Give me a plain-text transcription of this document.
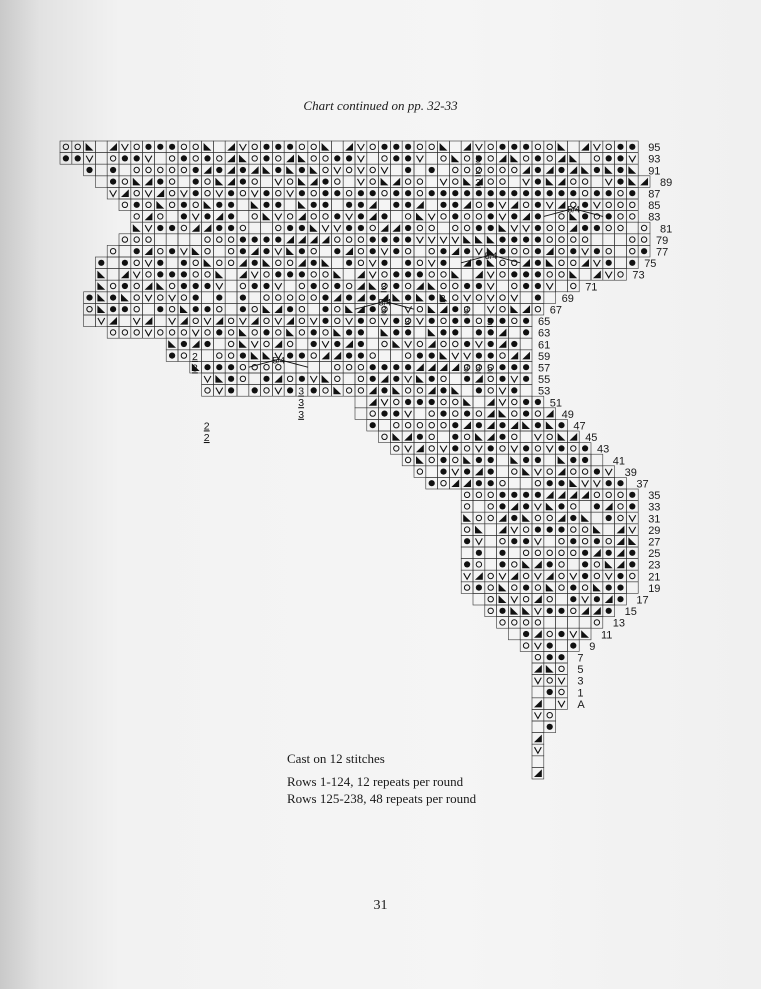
Chart continued on pp. 32-33
95
93
91
89
87
85
83
81
79
77
75
73
71
69
67
65
63
61
59
57
55
53
51
49
47
45
43
41
39
37
35
33
31
29
27
25
23
21
19
17
15
13
11
9
7
5
3
1
A
2
3
5
3
3
3
2
3
5
2
3	3 3 5
3
3
3
2
2
5/4
5/4
5/4
5/4
Cast on 12 stitches
Rows 1-124, 12 repeats per round
Rows 125-238, 48 repeats per round
31
